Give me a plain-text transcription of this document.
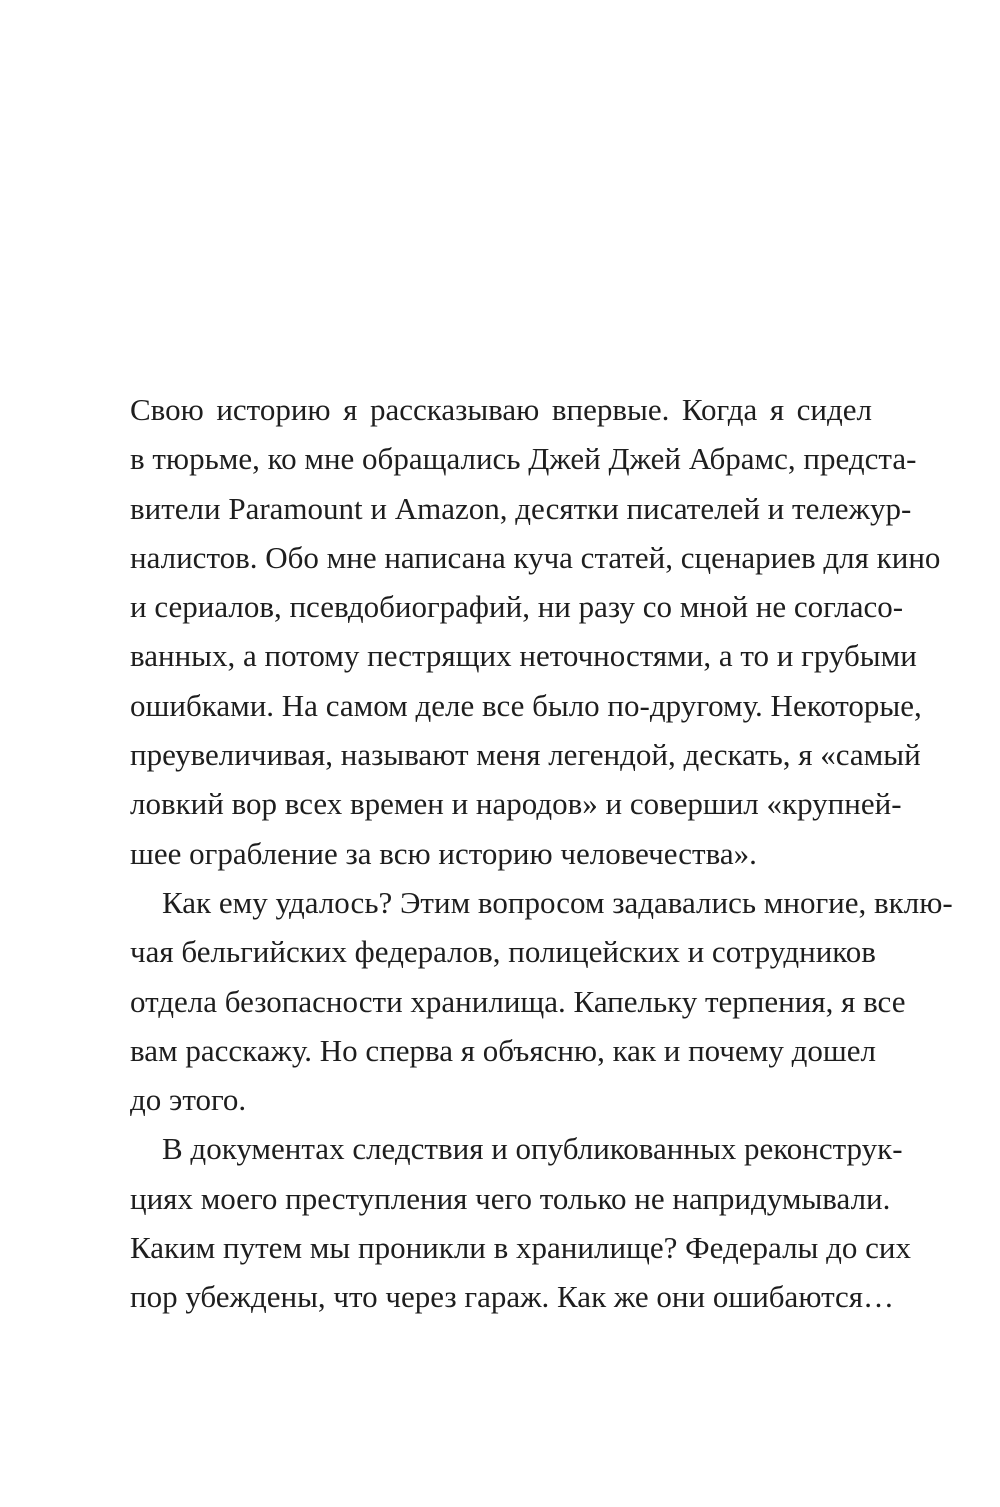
Свою историю я рассказываю впервые. Когда я сидел
в тюрьме, ко мне обращались Джей Джей Абрамс, предста-
вители Paramount и Amazon, десятки писателей и тележур-
налистов. Обо мне написана куча статей, сценариев для кино
и сериалов, псевдобиографий, ни разу со мной не согласо-
ванных, а потому пестрящих неточностями, а то и грубыми
ошибками. На самом деле все было по-другому. Некоторые,
преувеличивая, называют меня легендой, дескать, я «самый
ловкий вор всех времен и народов» и совершил «крупней-
шее ограбление за всю историю человечества».
Как ему удалось? Этим вопросом задавались многие, вклю-
чая бельгийских федералов, полицейских и сотрудников
отдела безопасности хранилища. Капельку терпения, я все
вам расскажу. Но сперва я объясню, как и почему дошел
до этого.
В документах следствия и опубликованных реконструк-
циях моего преступления чего только не напридумывали.
Каким путем мы проникли в хранилище? Федералы до сих
пор убеждены, что через гараж. Как же они ошибаются…
